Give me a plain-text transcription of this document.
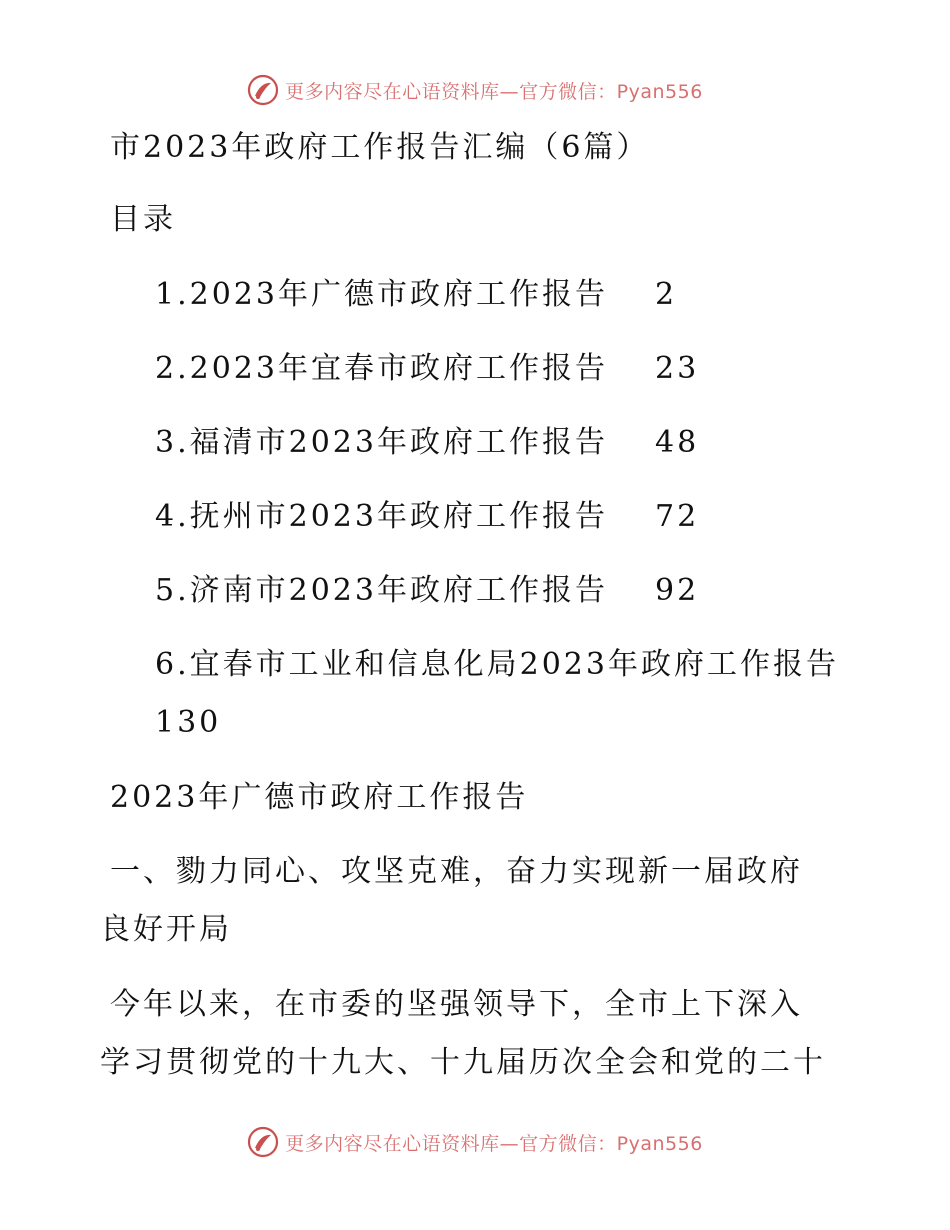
更多内容尽在心语资料库—官方微信：Pyan556
市2023年政府工作报告汇编（6篇）
目录
1.2023年广德市政府工作报告 2
2.2023年宜春市政府工作报告 23
3.福清市2023年政府工作报告 48
4.抚州市2023年政府工作报告 72
5.济南市2023年政府工作报告 92
6.宜春市工业和信息化局2023年政府工作报告
130
2023年广德市政府工作报告
一、勠力同心、攻坚克难，奋力实现新一届政府
良好开局
今年以来，在市委的坚强领导下，全市上下深入
学习贯彻党的十九大、十九届历次全会和党的二十
更多内容尽在心语资料库—官方微信：Pyan556
